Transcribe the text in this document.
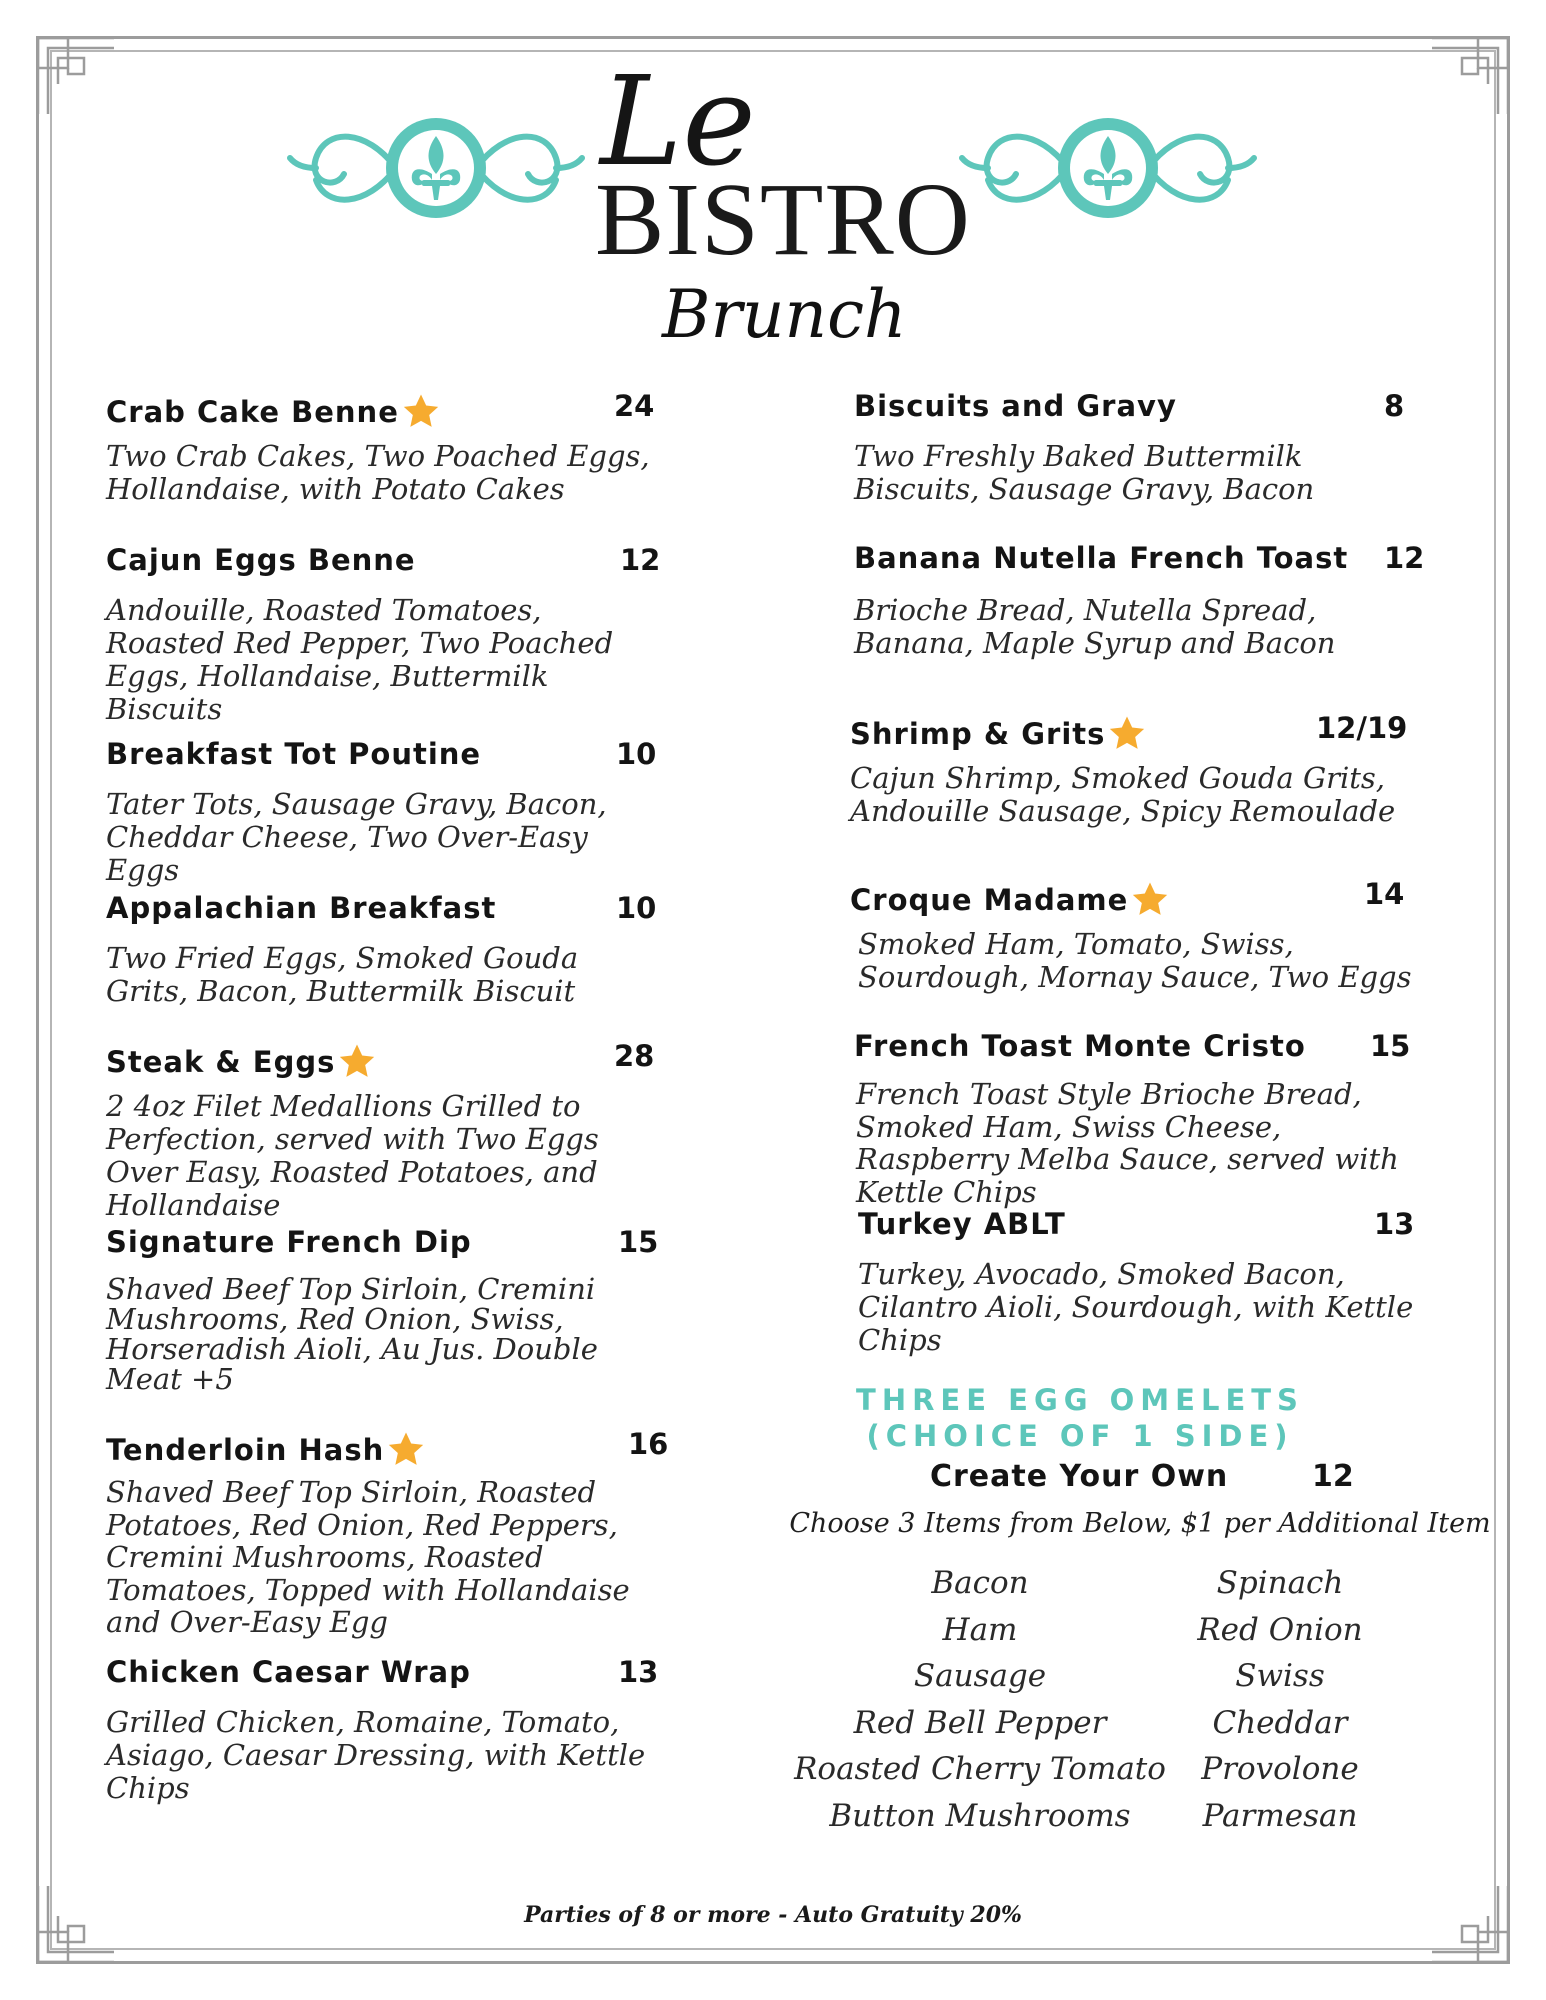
Le
BISTRO
Brunch
Crab Cake Benne	24
Two Crab Cakes, Two Poached Eggs, Hollandaise, with Potato Cakes
Cajun Eggs Benne	12
Andouille, Roasted Tomatoes, Roasted Red Pepper, Two Poached Eggs, Hollandaise, Buttermilk Biscuits
Breakfast Tot Poutine	10
Tater Tots, Sausage Gravy, Bacon, Cheddar Cheese, Two Over-Easy Eggs
Appalachian Breakfast	10
Two Fried Eggs, Smoked Gouda Grits, Bacon, Buttermilk Biscuit
Steak & Eggs	28
2 4oz Filet Medallions Grilled to Perfection, served with Two Eggs Over Easy, Roasted Potatoes, and Hollandaise
Signature French Dip	15
Shaved Beef Top Sirloin, Cremini Mushrooms, Red Onion, Swiss, Horseradish Aioli, Au Jus. Double Meat +5
Tenderloin Hash	16
Shaved Beef Top Sirloin, Roasted Potatoes, Red Onion, Red Peppers, Cremini Mushrooms, Roasted Tomatoes, Topped with Hollandaise and Over-Easy Egg
Chicken Caesar Wrap	13
Grilled Chicken, Romaine, Tomato, Asiago, Caesar Dressing, with Kettle Chips
Biscuits and Gravy	8
Two Freshly Baked Buttermilk Biscuits, Sausage Gravy, Bacon
Banana Nutella French Toast 12
Brioche Bread, Nutella Spread, Banana, Maple Syrup and Bacon
Shrimp & Grits	12/19
Cajun Shrimp, Smoked Gouda Grits, Andouille Sausage, Spicy Remoulade
Croque Madame	14
Smoked Ham, Tomato, Swiss, Sourdough, Mornay Sauce, Two Eggs
French Toast Monte Cristo 15
French Toast Style Brioche Bread, Smoked Ham, Swiss Cheese, Raspberry Melba Sauce, served with Kettle Chips
Turkey ABLT	13
Turkey, Avocado, Smoked Bacon, Cilantro Aioli, Sourdough, with Kettle Chips
THREE EGG OMELETS
(CHOICE OF 1 SIDE)
Create Your Own	12
Choose 3 Items from Below, $1 per Additional Item
Bacon
Ham
Sausage
Red Bell Pepper
Roasted Cherry Tomato
Button Mushrooms
Spinach
Red Onion
Swiss
Cheddar
Provolone
Parmesan
Parties of 8 or more - Auto Gratuity 20%
